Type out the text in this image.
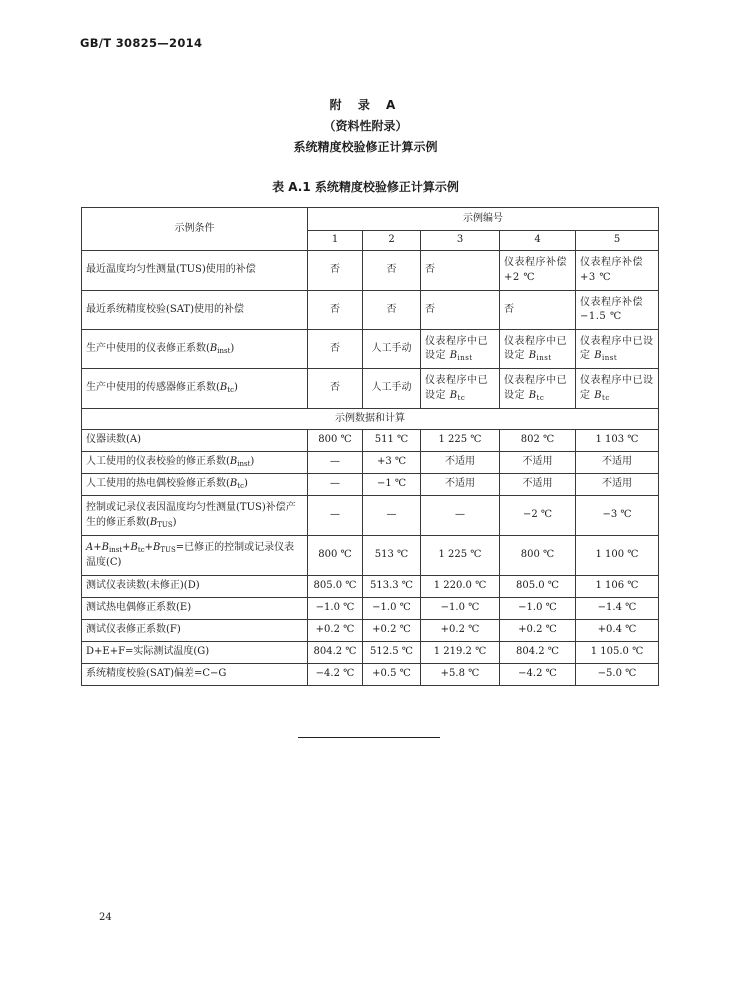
GB/T 30825—2014
附 录 A
（资料性附录）
系统精度校验修正计算示例
表 A.1 系统精度校验修正计算示例
示例条件	示例编号				
	1	2	3	4	5
最近温度均匀性测量(TUS)使用的补偿	否	否	否	仪表程序补偿+2 ℃	仪表程序补偿+3 ℃
最近系统精度校验(SAT)使用的补偿	否	否	否	否	仪表程序补偿−1.5 ℃
生产中使用的仪表修正系数$(B_{inst})$	否	人工手动	仪表程序中已设定 $B_{inst}$	仪表程序中已设定 $B_{inst}$	仪表程序中已设定 $B_{inst}$
生产中使用的传感器修正系数$(B_{tc})$	否	人工手动	仪表程序中已设定 $B_{tc}$	仪表程序中已设定 $B_{tc}$	仪表程序中已设定 $B_{tc}$
示例数据和计算					
仪器读数(A)	800 ℃	511 ℃	1 225 ℃	802 ℃	1 103 ℃
人工使用的仪表校验的修正系数$(B_{inst})$	—	+3 ℃	不适用	不适用	不适用
人工使用的热电偶校验修正系数$(B_{tc})$	—	−1 ℃	不适用	不适用	不适用
控制或记录仪表因温度均匀性测量(TUS)补偿产生的修正系数$(B_{TUS})$	—	—	—	−2 ℃	−3 ℃
$A+B_{inst}+B_{tc}+B_{TUS}=$已修正的控制或记录仪表温度(C)	800 ℃	513 ℃	1 225 ℃	800 ℃	1 100 ℃
测试仪表读数(未修正)(D)	805.0 ℃	513.3 ℃	1 220.0 ℃	805.0 ℃	1 106 ℃
测试热电偶修正系数(E)	−1.0 ℃	−1.0 ℃	−1.0 ℃	−1.0 ℃	−1.4 ℃
测试仪表修正系数(F)	+0.2 ℃	+0.2 ℃	+0.2 ℃	+0.2 ℃	+0.4 ℃
D+E+F=实际测试温度(G)	804.2 ℃	512.5 ℃	1 219.2 ℃	804.2 ℃	1 105.0 ℃
系统精度校验(SAT)偏差=C−G	−4.2 ℃	+0.5 ℃	+5.8 ℃	−4.2 ℃	−5.0 ℃
24
